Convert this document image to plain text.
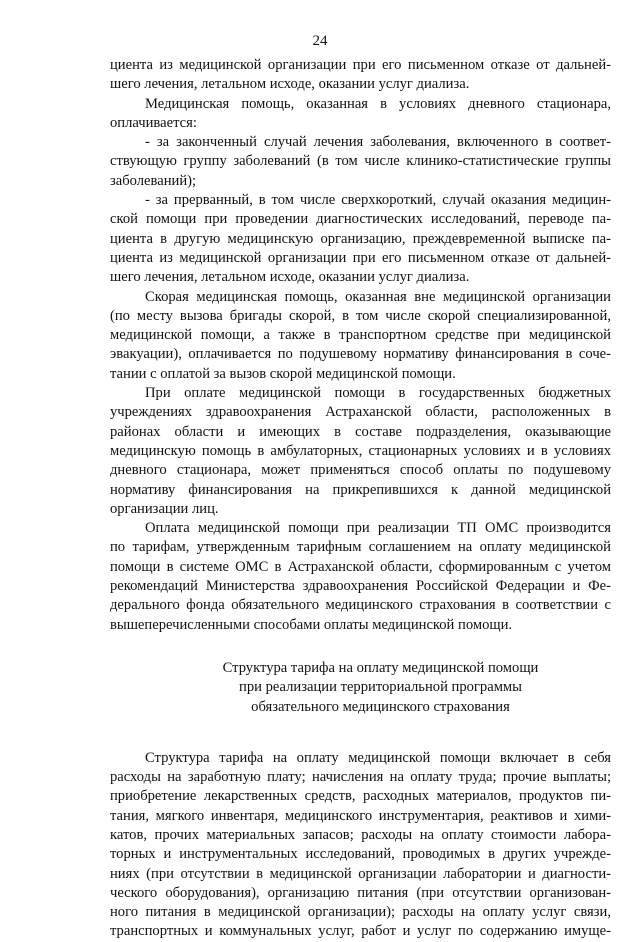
24
циента из медицинской организации при его письменном отказе от дальней-
шего лечения, летальном исходе, оказании услуг диализа.
Медицинская помощь, оказанная в условиях дневного стационара,
оплачивается:
- за законченный случай лечения заболевания, включенного в соответ-
ствующую группу заболеваний (в том числе клинико-статистические группы
заболеваний);
- за прерванный, в том числе сверхкороткий, случай оказания медицин-
ской помощи при проведении диагностических исследований, переводе па-
циента в другую медицинскую организацию, преждевременной выписке па-
циента из медицинской организации при его письменном отказе от дальней-
шего лечения, летальном исходе, оказании услуг диализа.
Скорая медицинская помощь, оказанная вне медицинской организации
(по месту вызова бригады скорой, в том числе скорой специализированной,
медицинской помощи, а также в транспортном средстве при медицинской
эвакуации), оплачивается по подушевому нормативу финансирования в соче-
тании с оплатой за вызов скорой медицинской помощи.
При оплате медицинской помощи в государственных бюджетных
учреждениях здравоохранения Астраханской области, расположенных в
районах области и имеющих в составе подразделения, оказывающие
медицинскую помощь в амбулаторных, стационарных условиях и в условиях
дневного стационара, может применяться способ оплаты по подушевому
нормативу финансирования на прикрепившихся к данной медицинской
организации лиц.
Оплата медицинской помощи при реализации ТП ОМС производится
по тарифам, утвержденным тарифным соглашением на оплату медицинской
помощи в системе ОМС в Астраханской области, сформированным с учетом
рекомендаций Министерства здравоохранения Российской Федерации и Фе-
дерального фонда обязательного медицинского страхования в соответствии с
вышеперечисленными способами оплаты медицинской помощи.
Структура тарифа на оплату медицинской помощи
при реализации территориальной программы
обязательного медицинского страхования
Структура тарифа на оплату медицинской помощи включает в себя
расходы на заработную плату; начисления на оплату труда; прочие выплаты;
приобретение лекарственных средств, расходных материалов, продуктов пи-
тания, мягкого инвентаря, медицинского инструментария, реактивов и хими-
катов, прочих материальных запасов; расходы на оплату стоимости лабора-
торных и инструментальных исследований, проводимых в других учрежде-
ниях (при отсутствии в медицинской организации лаборатории и диагности-
ческого оборудования), организацию питания (при отсутствии организован-
ного питания в медицинской организации); расходы на оплату услуг связи,
транспортных и коммунальных услуг, работ и услуг по содержанию имуще-
